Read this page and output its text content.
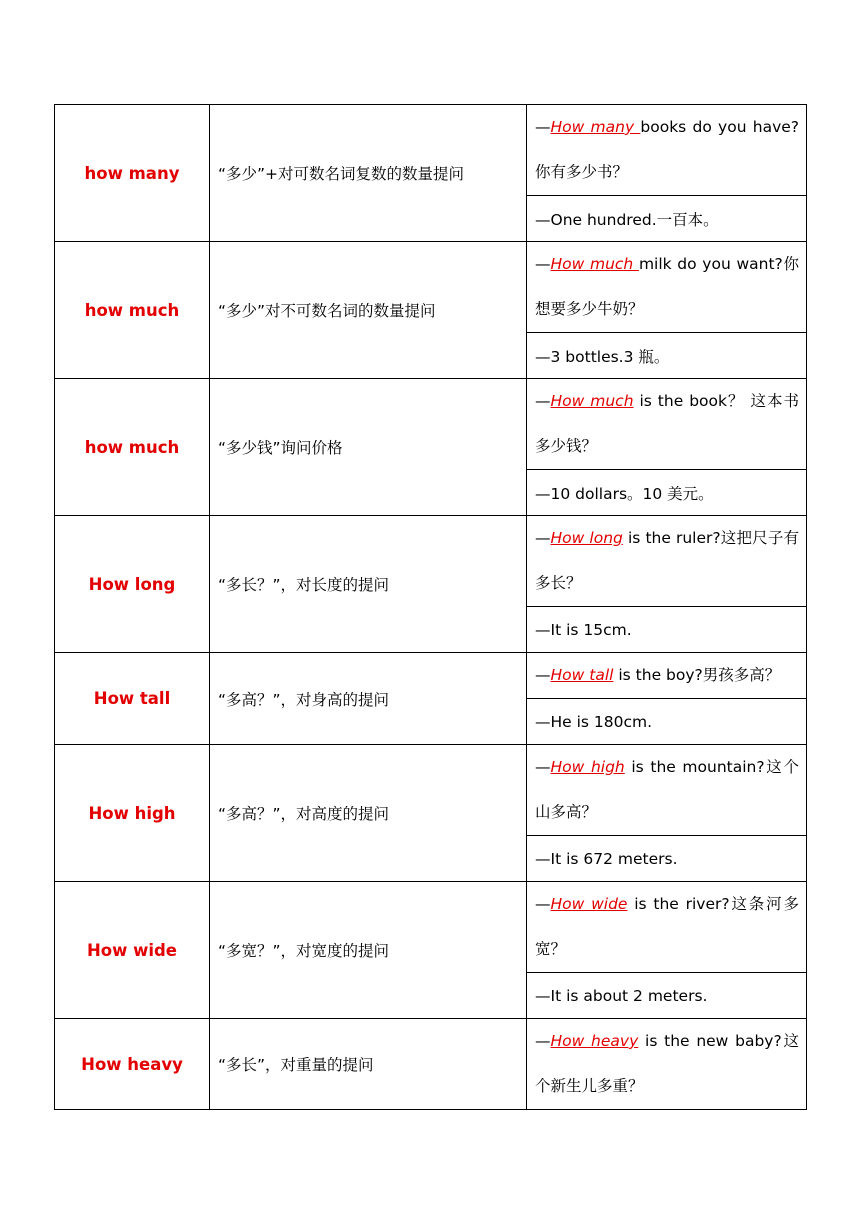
how many	“多少”+对可数名词复数的数量提问	—How many books do you have?你有多少书？
		—One hundred.一百本。
how much	“多少”对不可数名词的数量提问	—How much milk do you want?你想要多少牛奶？
		—3 bottles.3 瓶。
how much	“多少钱”询问价格	—How much is the book？ 这本书多少钱？
		—10 dollars。10 美元。
How long	“多长？”，对长度的提问	—How long is the ruler?这把尺子有多长？
		—It is 15cm.
How tall	“多高？”，对身高的提问	—How tall is the boy?男孩多高？
		—He is 180cm.
How high	“多高？”，对高度的提问	—How high is the mountain?这个山多高？
		—It is 672 meters.
How wide	“多宽？”，对宽度的提问	—How wide is the river?这条河多宽？
		—It is about 2 meters.
How heavy	“多长”，对重量的提问	—How heavy is the new baby?这个新生儿多重？
